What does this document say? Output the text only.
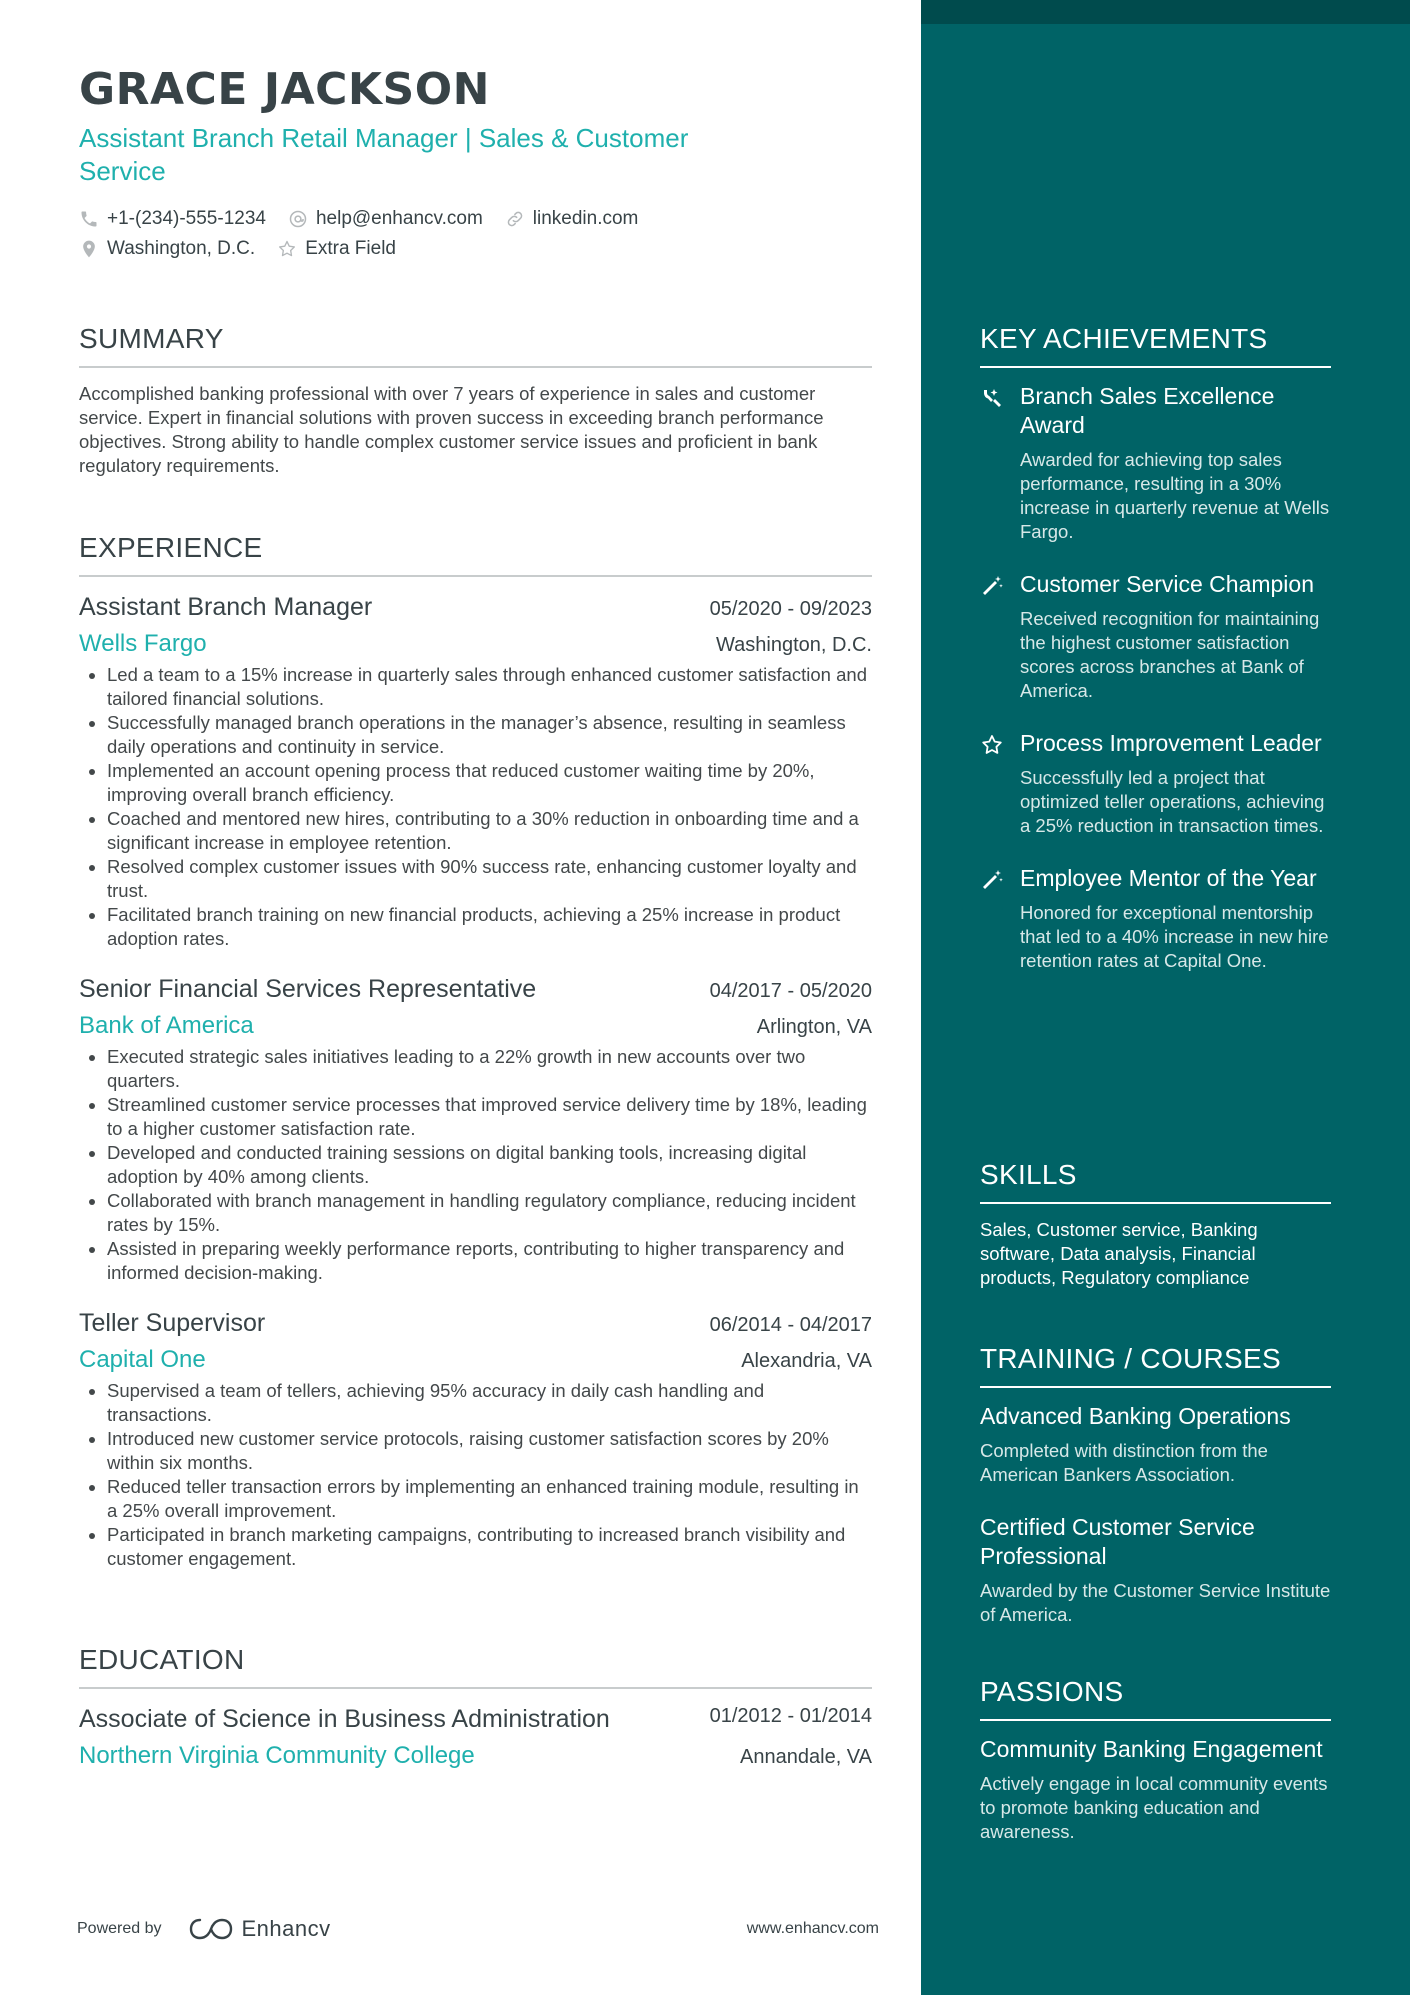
GRACE JACKSON
Assistant Branch Retail Manager | Sales & Customer Service
+1-(234)-555-1234	help@enhancv.com	linkedin.com
Washington, D.C.	Extra Field
SUMMARY
Accomplished banking professional with over 7 years of experience in sales and customer service. Expert in financial solutions with proven success in exceeding branch performance objectives. Strong ability to handle complex customer service issues and proficient in bank regulatory requirements.
EXPERIENCE
Assistant Branch Manager	05/2020 - 09/2023
Wells Fargo	Washington, D.C.
• Led a team to a 15% increase in quarterly sales through enhanced customer satisfaction and tailored financial solutions.
• Successfully managed branch operations in the manager’s absence, resulting in seamless daily operations and continuity in service.
• Implemented an account opening process that reduced customer waiting time by 20%, improving overall branch efficiency.
• Coached and mentored new hires, contributing to a 30% reduction in onboarding time and a significant increase in employee retention.
• Resolved complex customer issues with 90% success rate, enhancing customer loyalty and trust.
• Facilitated branch training on new financial products, achieving a 25% increase in product adoption rates.
Senior Financial Services Representative	04/2017 - 05/2020
Bank of America	Arlington, VA
• Executed strategic sales initiatives leading to a 22% growth in new accounts over two quarters.
• Streamlined customer service processes that improved service delivery time by 18%, leading to a higher customer satisfaction rate.
• Developed and conducted training sessions on digital banking tools, increasing digital adoption by 40% among clients.
• Collaborated with branch management in handling regulatory compliance, reducing incident rates by 15%.
• Assisted in preparing weekly performance reports, contributing to higher transparency and informed decision-making.
Teller Supervisor	06/2014 - 04/2017
Capital One	Alexandria, VA
• Supervised a team of tellers, achieving 95% accuracy in daily cash handling and transactions.
• Introduced new customer service protocols, raising customer satisfaction scores by 20% within six months.
• Reduced teller transaction errors by implementing an enhanced training module, resulting in a 25% overall improvement.
• Participated in branch marketing campaigns, contributing to increased branch visibility and customer engagement.
EDUCATION
Associate of Science in Business Administration	01/2012 - 01/2014
Northern Virginia Community College	Annandale, VA
Powered by	Enhancv	www.enhancv.com
KEY ACHIEVEMENTS
Branch Sales Excellence Award
Awarded for achieving top sales performance, resulting in a 30% increase in quarterly revenue at Wells Fargo.
Customer Service Champion
Received recognition for maintaining the highest customer satisfaction scores across branches at Bank of America.
Process Improvement Leader
Successfully led a project that optimized teller operations, achieving a 25% reduction in transaction times.
Employee Mentor of the Year
Honored for exceptional mentorship that led to a 40% increase in new hire retention rates at Capital One.
SKILLS
Sales, Customer service, Banking software, Data analysis, Financial products, Regulatory compliance
TRAINING / COURSES
Advanced Banking Operations
Completed with distinction from the American Bankers Association.
Certified Customer Service Professional
Awarded by the Customer Service Institute of America.
PASSIONS
Community Banking Engagement
Actively engage in local community events to promote banking education and awareness.
